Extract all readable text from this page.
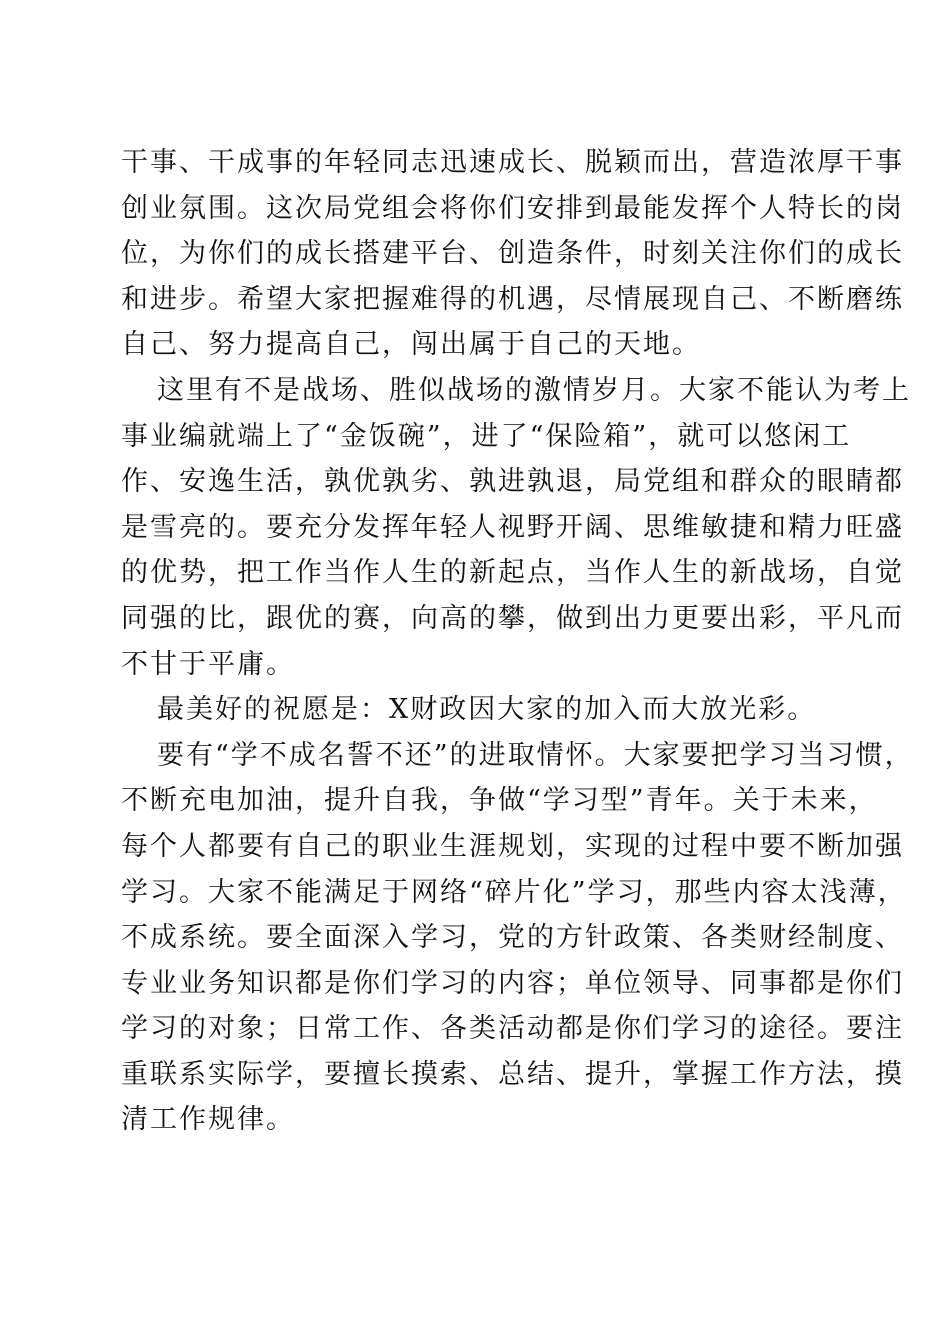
干事、干成事的年轻同志迅速成长、脱颖而出，营造浓厚干事
创业氛围。这次局党组会将你们安排到最能发挥个人特长的岗
位，为你们的成长搭建平台、创造条件，时刻关注你们的成长
和进步。希望大家把握难得的机遇，尽情展现自己、不断磨练
自己、努力提高自己，闯出属于自己的天地。
这里有不是战场、胜似战场的激情岁月。大家不能认为考上
事业编就端上了“金饭碗”，进了“保险箱”，就可以悠闲工
作、安逸生活，孰优孰劣、孰进孰退，局党组和群众的眼睛都
是雪亮的。要充分发挥年轻人视野开阔、思维敏捷和精力旺盛
的优势，把工作当作人生的新起点，当作人生的新战场，自觉
同强的比，跟优的赛，向高的攀，做到出力更要出彩，平凡而
不甘于平庸。
最美好的祝愿是：X财政因大家的加入而大放光彩。
要有“学不成名誓不还”的进取情怀。大家要把学习当习惯，
不断充电加油，提升自我，争做“学习型”青年。关于未来，
每个人都要有自己的职业生涯规划，实现的过程中要不断加强
学习。大家不能满足于网络“碎片化”学习，那些内容太浅薄，
不成系统。要全面深入学习，党的方针政策、各类财经制度、
专业业务知识都是你们学习的内容；单位领导、同事都是你们
学习的对象；日常工作、各类活动都是你们学习的途径。要注
重联系实际学，要擅长摸索、总结、提升，掌握工作方法，摸
清工作规律。
